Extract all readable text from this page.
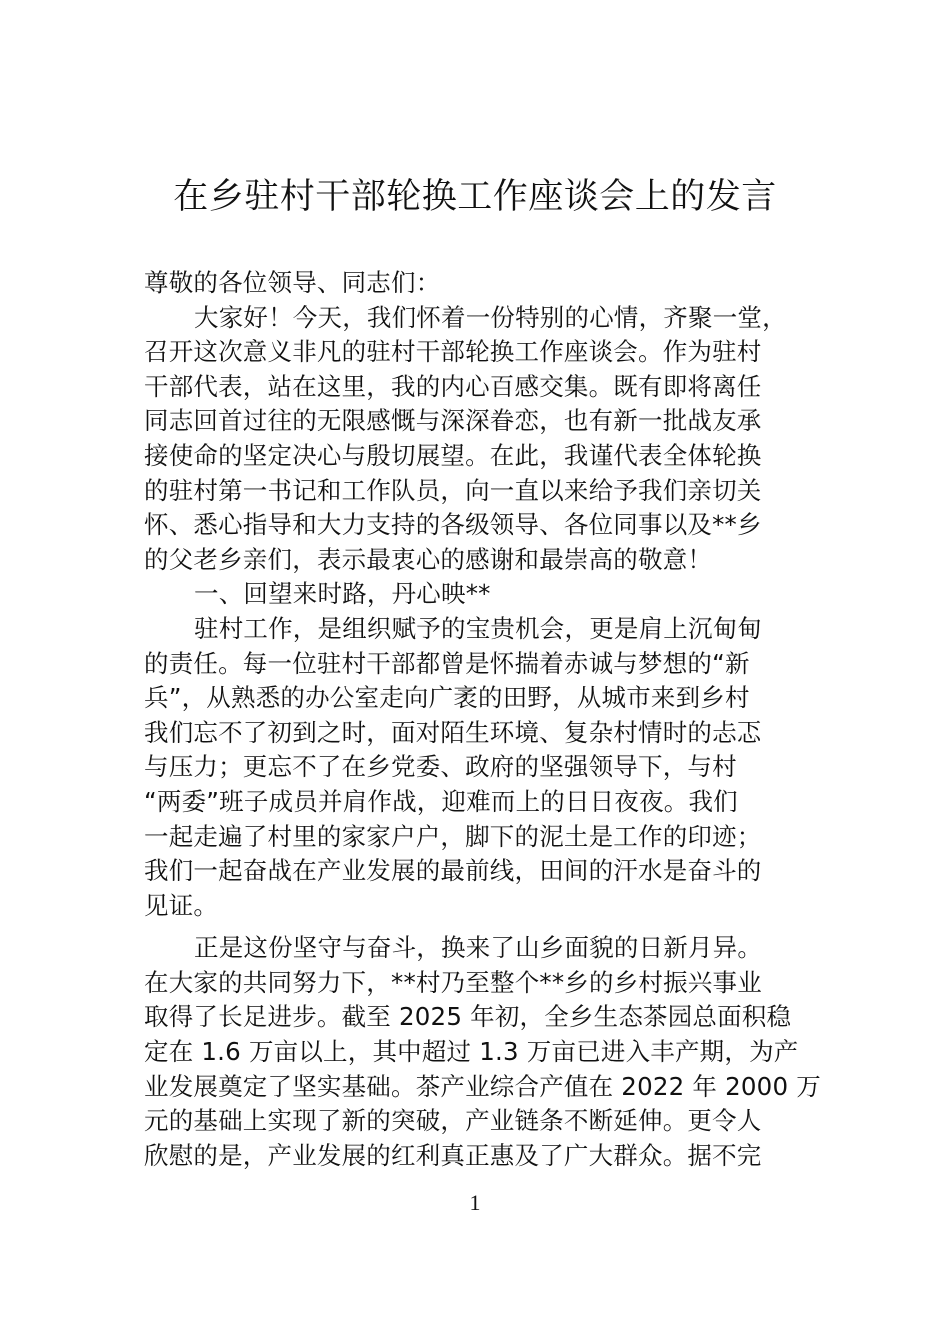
在乡驻村干部轮换工作座谈会上的发言
尊敬的各位领导、同志们：
大家好！今天，我们怀着一份特别的心情，齐聚一堂，
召开这次意义非凡的驻村干部轮换工作座谈会。作为驻村
干部代表，站在这里，我的内心百感交集。既有即将离任
同志回首过往的无限感慨与深深眷恋，也有新一批战友承
接使命的坚定决心与殷切展望。在此，我谨代表全体轮换
的驻村第一书记和工作队员，向一直以来给予我们亲切关
怀、悉心指导和大力支持的各级领导、各位同事以及**乡
的父老乡亲们，表示最衷心的感谢和最崇高的敬意！
一、回望来时路，丹心映**
驻村工作，是组织赋予的宝贵机会，更是肩上沉甸甸
的责任。每一位驻村干部都曾是怀揣着赤诚与梦想的“新
兵”，从熟悉的办公室走向广袤的田野，从城市来到乡村
我们忘不了初到之时，面对陌生环境、复杂村情时的忐忑
与压力；更忘不了在乡党委、政府的坚强领导下，与村
“两委”班子成员并肩作战，迎难而上的日日夜夜。我们
一起走遍了村里的家家户户，脚下的泥土是工作的印迹；
我们一起奋战在产业发展的最前线，田间的汗水是奋斗的
见证。
正是这份坚守与奋斗，换来了山乡面貌的日新月异。
在大家的共同努力下，**村乃至整个**乡的乡村振兴事业
取得了长足进步。截至 2025 年初，全乡生态茶园总面积稳
定在 1.6 万亩以上，其中超过 1.3 万亩已进入丰产期，为产
业发展奠定了坚实基础。茶产业综合产值在 2022 年 2000 万
元的基础上实现了新的突破，产业链条不断延伸。更令人
欣慰的是，产业发展的红利真正惠及了广大群众。据不完
1
